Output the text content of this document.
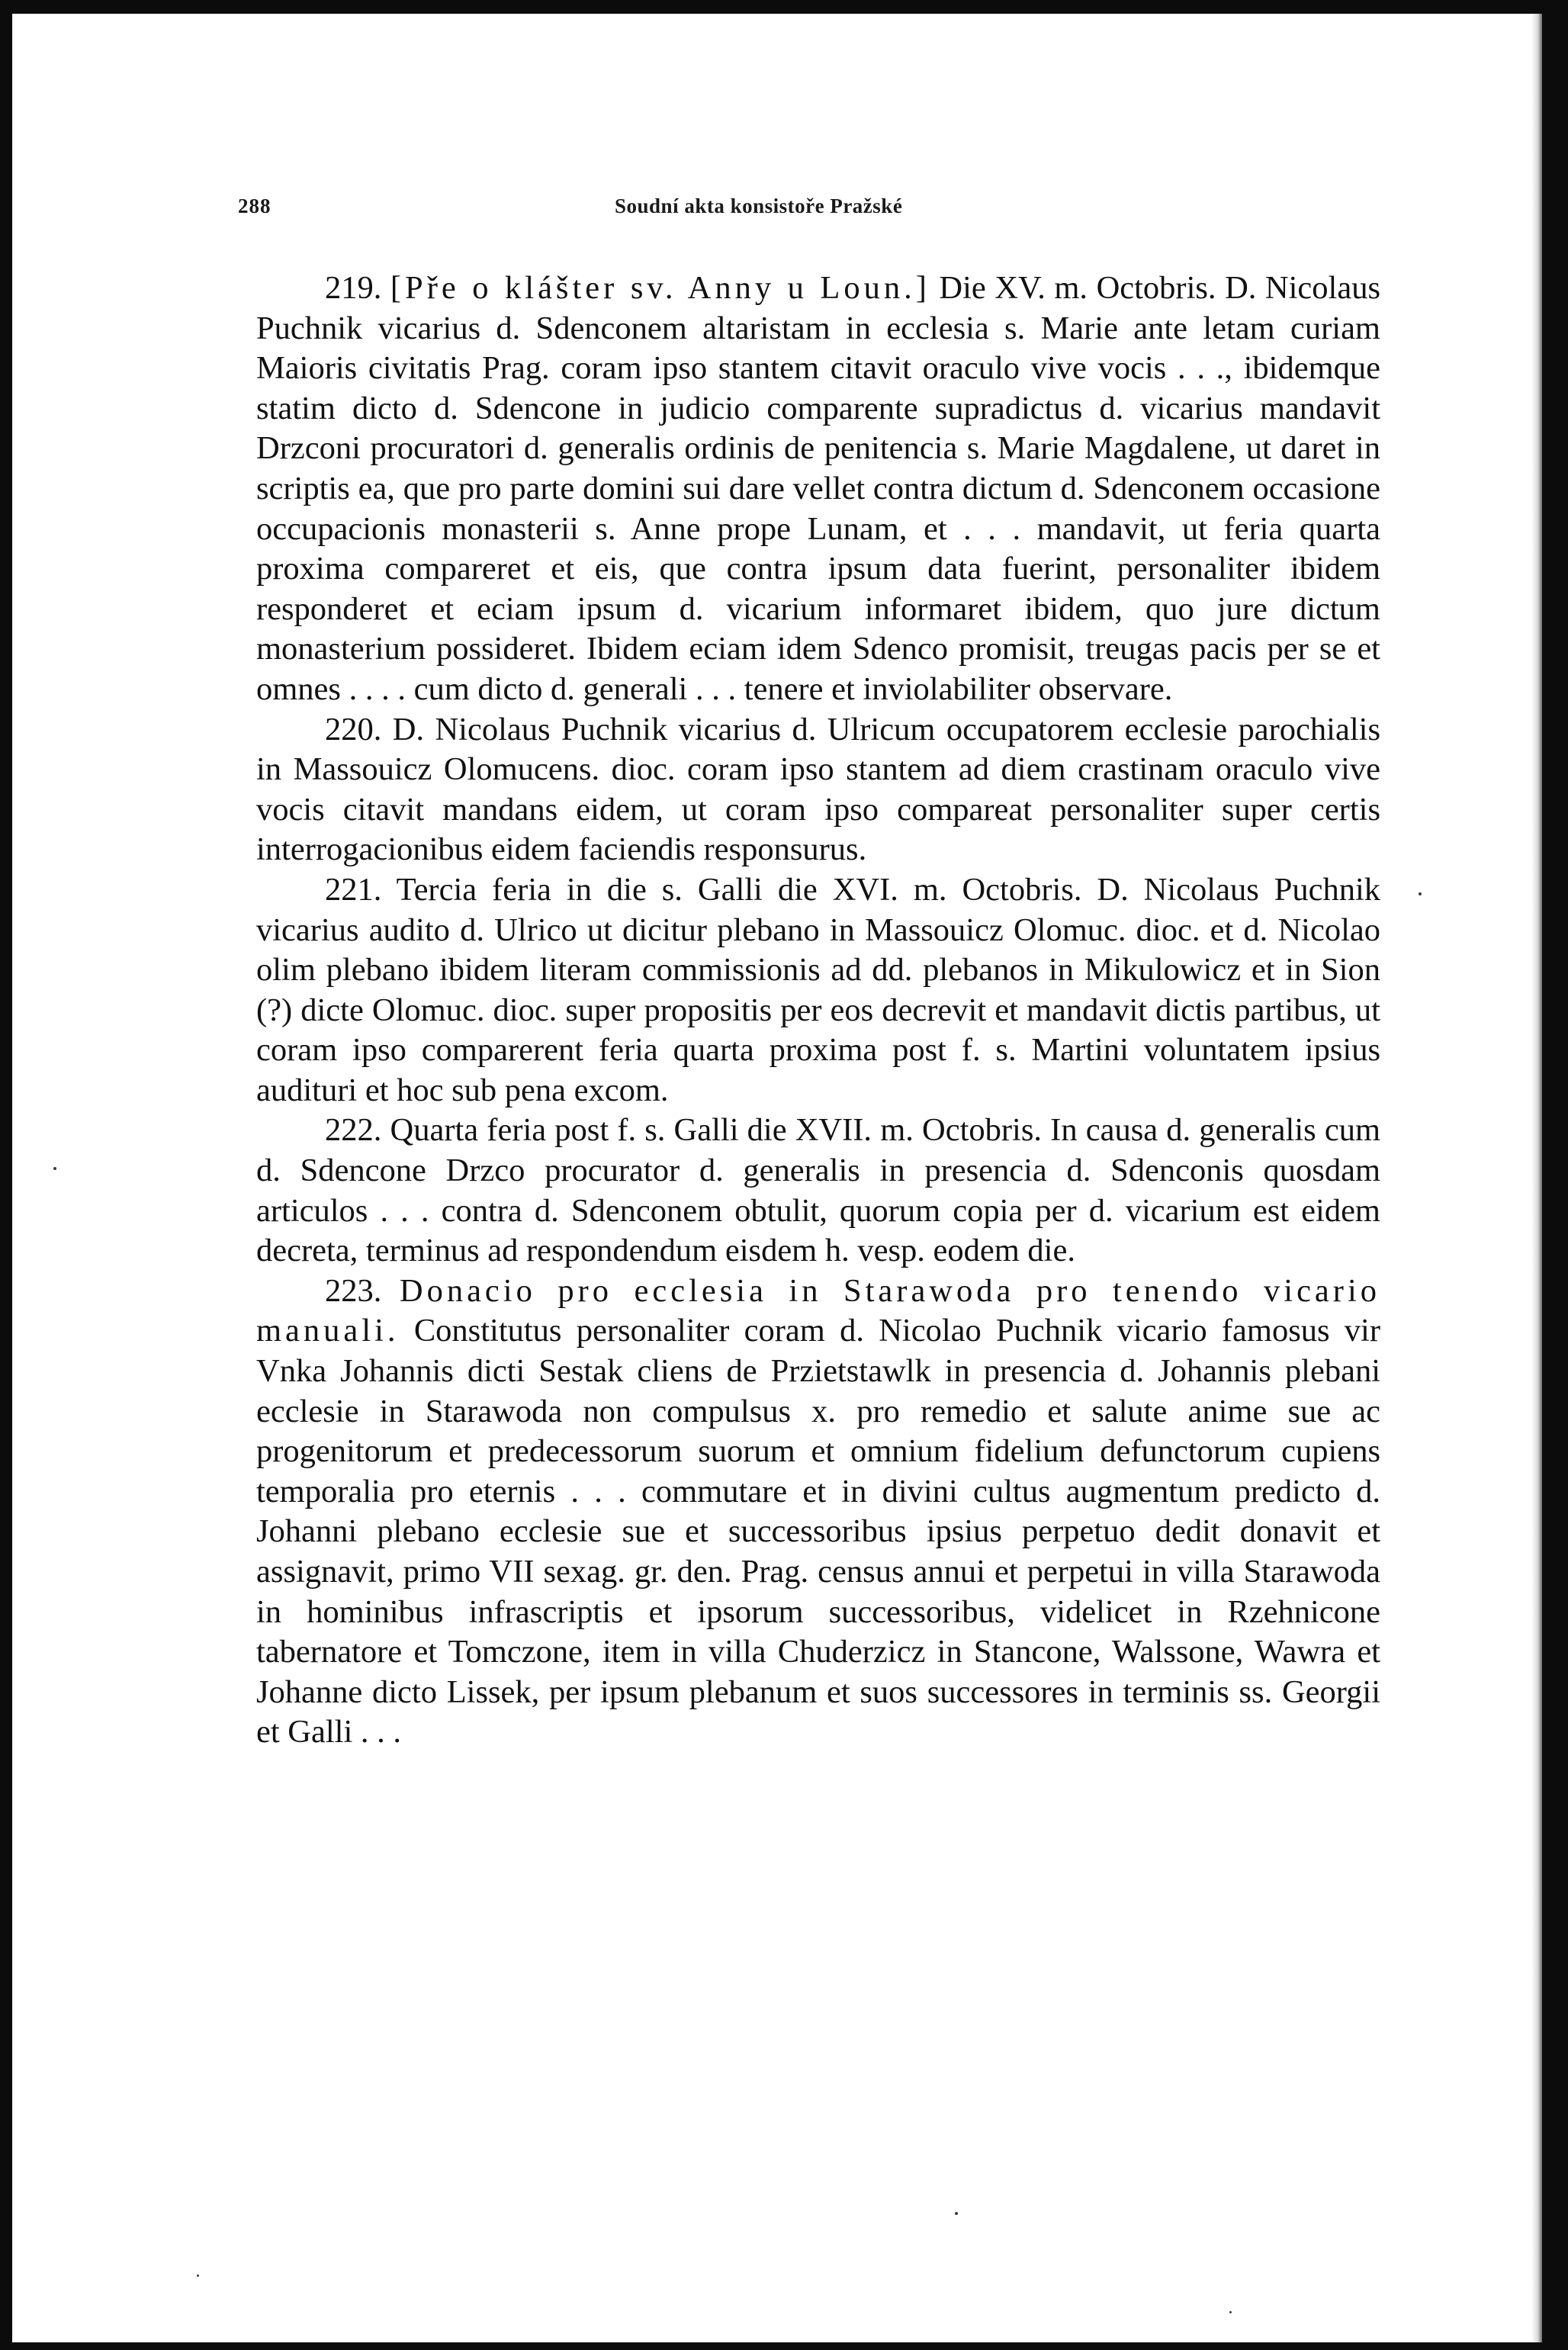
288	Soudní akta konsistoře Pražské

219. [Pře o klášter sv. Anny u Loun.] Die XV. m. Octobris. D. Nicolaus Puchnik vicarius d. Sdenconem altaristam in ecclesia s. Marie ante letam curiam Maioris civitatis Prag. coram ipso stantem citavit oraculo vive vocis . . ., ibidemque statim dicto d. Sdencone in judicio comparente supradictus d. vicarius mandavit Drzconi procuratori d. generalis ordinis de penitencia s. Marie Magdalene, ut daret in scriptis ea, que pro parte domini sui dare vellet contra dictum d. Sdenconem occasione occupacionis monasterii s. Anne prope Lunam, et . . . mandavit, ut feria quarta proxima compareret et eis, que contra ipsum data fuerint, personaliter ibidem responderet et eciam ipsum d. vicarium informaret ibidem, quo jure dictum monasterium possideret. Ibidem eciam idem Sdenco promisit, treugas pacis per se et omnes . . . . cum dicto d. generali . . . tenere et inviolabiliter observare.

220. D. Nicolaus Puchnik vicarius d. Ulricum occupatorem ecclesie parochialis in Massouicz Olomucens. dioc. coram ipso stantem ad diem crastinam oraculo vive vocis citavit mandans eidem, ut coram ipso compareat personaliter super certis interrogacionibus eidem faciendis responsurus.

221. Tercia feria in die s. Galli die XVI. m. Octobris. D. Nicolaus Puchnik vicarius audito d. Ulrico ut dicitur plebano in Massouicz Olomuc. dioc. et d. Nicolao olim plebano ibidem literam commissionis ad dd. plebanos in Mikulowicz et in Sion (?) dicte Olomuc. dioc. super propositis per eos decrevit et mandavit dictis partibus, ut coram ipso comparerent feria quarta proxima post f. s. Martini voluntatem ipsius audituri et hoc sub pena excom.

222. Quarta feria post f. s. Galli die XVII. m. Octobris. In causa d. generalis cum d. Sdencone Drzco procurator d. generalis in presencia d. Sdenconis quosdam articulos . . . contra d. Sdenconem obtulit, quorum copia per d. vicarium est eidem decreta, terminus ad respondendum eisdem h. vesp. eodem die.

223. Donacio pro ecclesia in Starawoda pro tenendo vicario manuali. Constitutus personaliter coram d. Nicolao Puchnik vicario famosus vir Vnka Johannis dicti Sestak cliens de Przietstawlk in presencia d. Johannis plebani ecclesie in Starawoda non compulsus x. pro remedio et salute anime sue ac progenitorum et predecessorum suorum et omnium fidelium defunctorum cupiens temporalia pro eternis . . . commutare et in divini cultus augmentum predicto d. Johanni plebano ecclesie sue et successoribus ipsius perpetuo dedit donavit et assignavit, primo VII sexag. gr. den. Prag. census annui et perpetui in villa Starawoda in hominibus infrascriptis et ipsorum successoribus, videlicet in Rzehnicone tabernatore et Tomczone, item in villa Chuderzicz in Stancone, Walssone, Wawra et Johanne dicto Lissek, per ipsum plebanum et suos successores in terminis ss. Georgii et Galli . . .
